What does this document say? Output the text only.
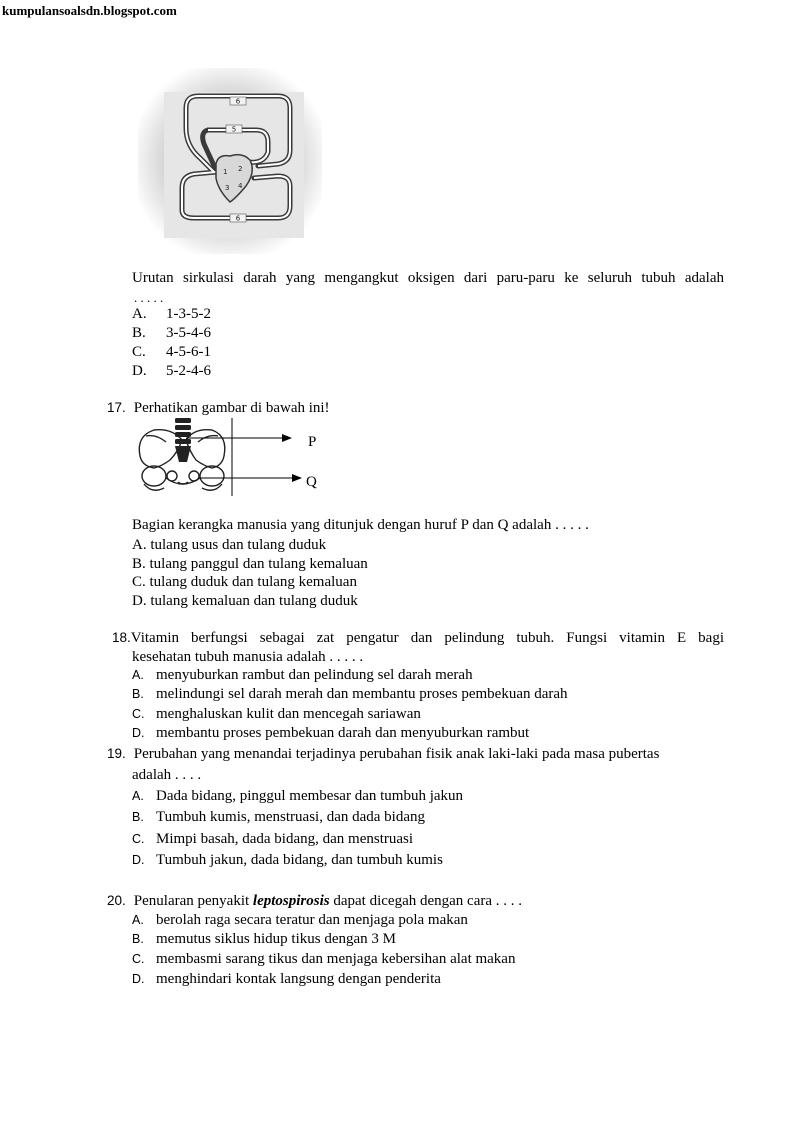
kumpulansoalsdn.blogspot.com
6
5
6
1 2
3 4
Urutan sirkulasi darah yang mengangkut oksigen dari paru-paru ke seluruh tubuh adalah
. . . . .
A. 1-3-5-2
B. 3-5-4-6
C. 4-5-6-1
D. 5-2-4-6
17. Perhatikan gambar di bawah ini!
P
Q
Bagian kerangka manusia yang ditunjuk dengan huruf P dan Q adalah . . . . .
A. tulang usus dan tulang duduk
B. tulang panggul dan tulang kemaluan
C. tulang duduk dan tulang kemaluan
D. tulang kemaluan dan tulang duduk
18. Vitamin berfungsi sebagai zat pengatur dan pelindung tubuh. Fungsi vitamin E bagi
kesehatan tubuh manusia adalah . . . . .
A. menyuburkan rambut dan pelindung sel darah merah
B. melindungi sel darah merah dan membantu proses pembekuan darah
C. menghaluskan kulit dan mencegah sariawan
D. membantu proses pembekuan darah dan menyuburkan rambut
19. Perubahan yang menandai terjadinya perubahan fisik anak laki-laki pada masa pubertas
adalah . . . .
A. Dada bidang, pinggul membesar dan tumbuh jakun
B. Tumbuh kumis, menstruasi, dan dada bidang
C. Mimpi basah, dada bidang, dan menstruasi
D. Tumbuh jakun, dada bidang, dan tumbuh kumis
20. Penularan penyakit leptospirosis dapat dicegah dengan cara . . . .
A. berolah raga secara teratur dan menjaga pola makan
B. memutus siklus hidup tikus dengan 3 M
C. membasmi sarang tikus dan menjaga kebersihan alat makan
D. menghindari kontak langsung dengan penderita
